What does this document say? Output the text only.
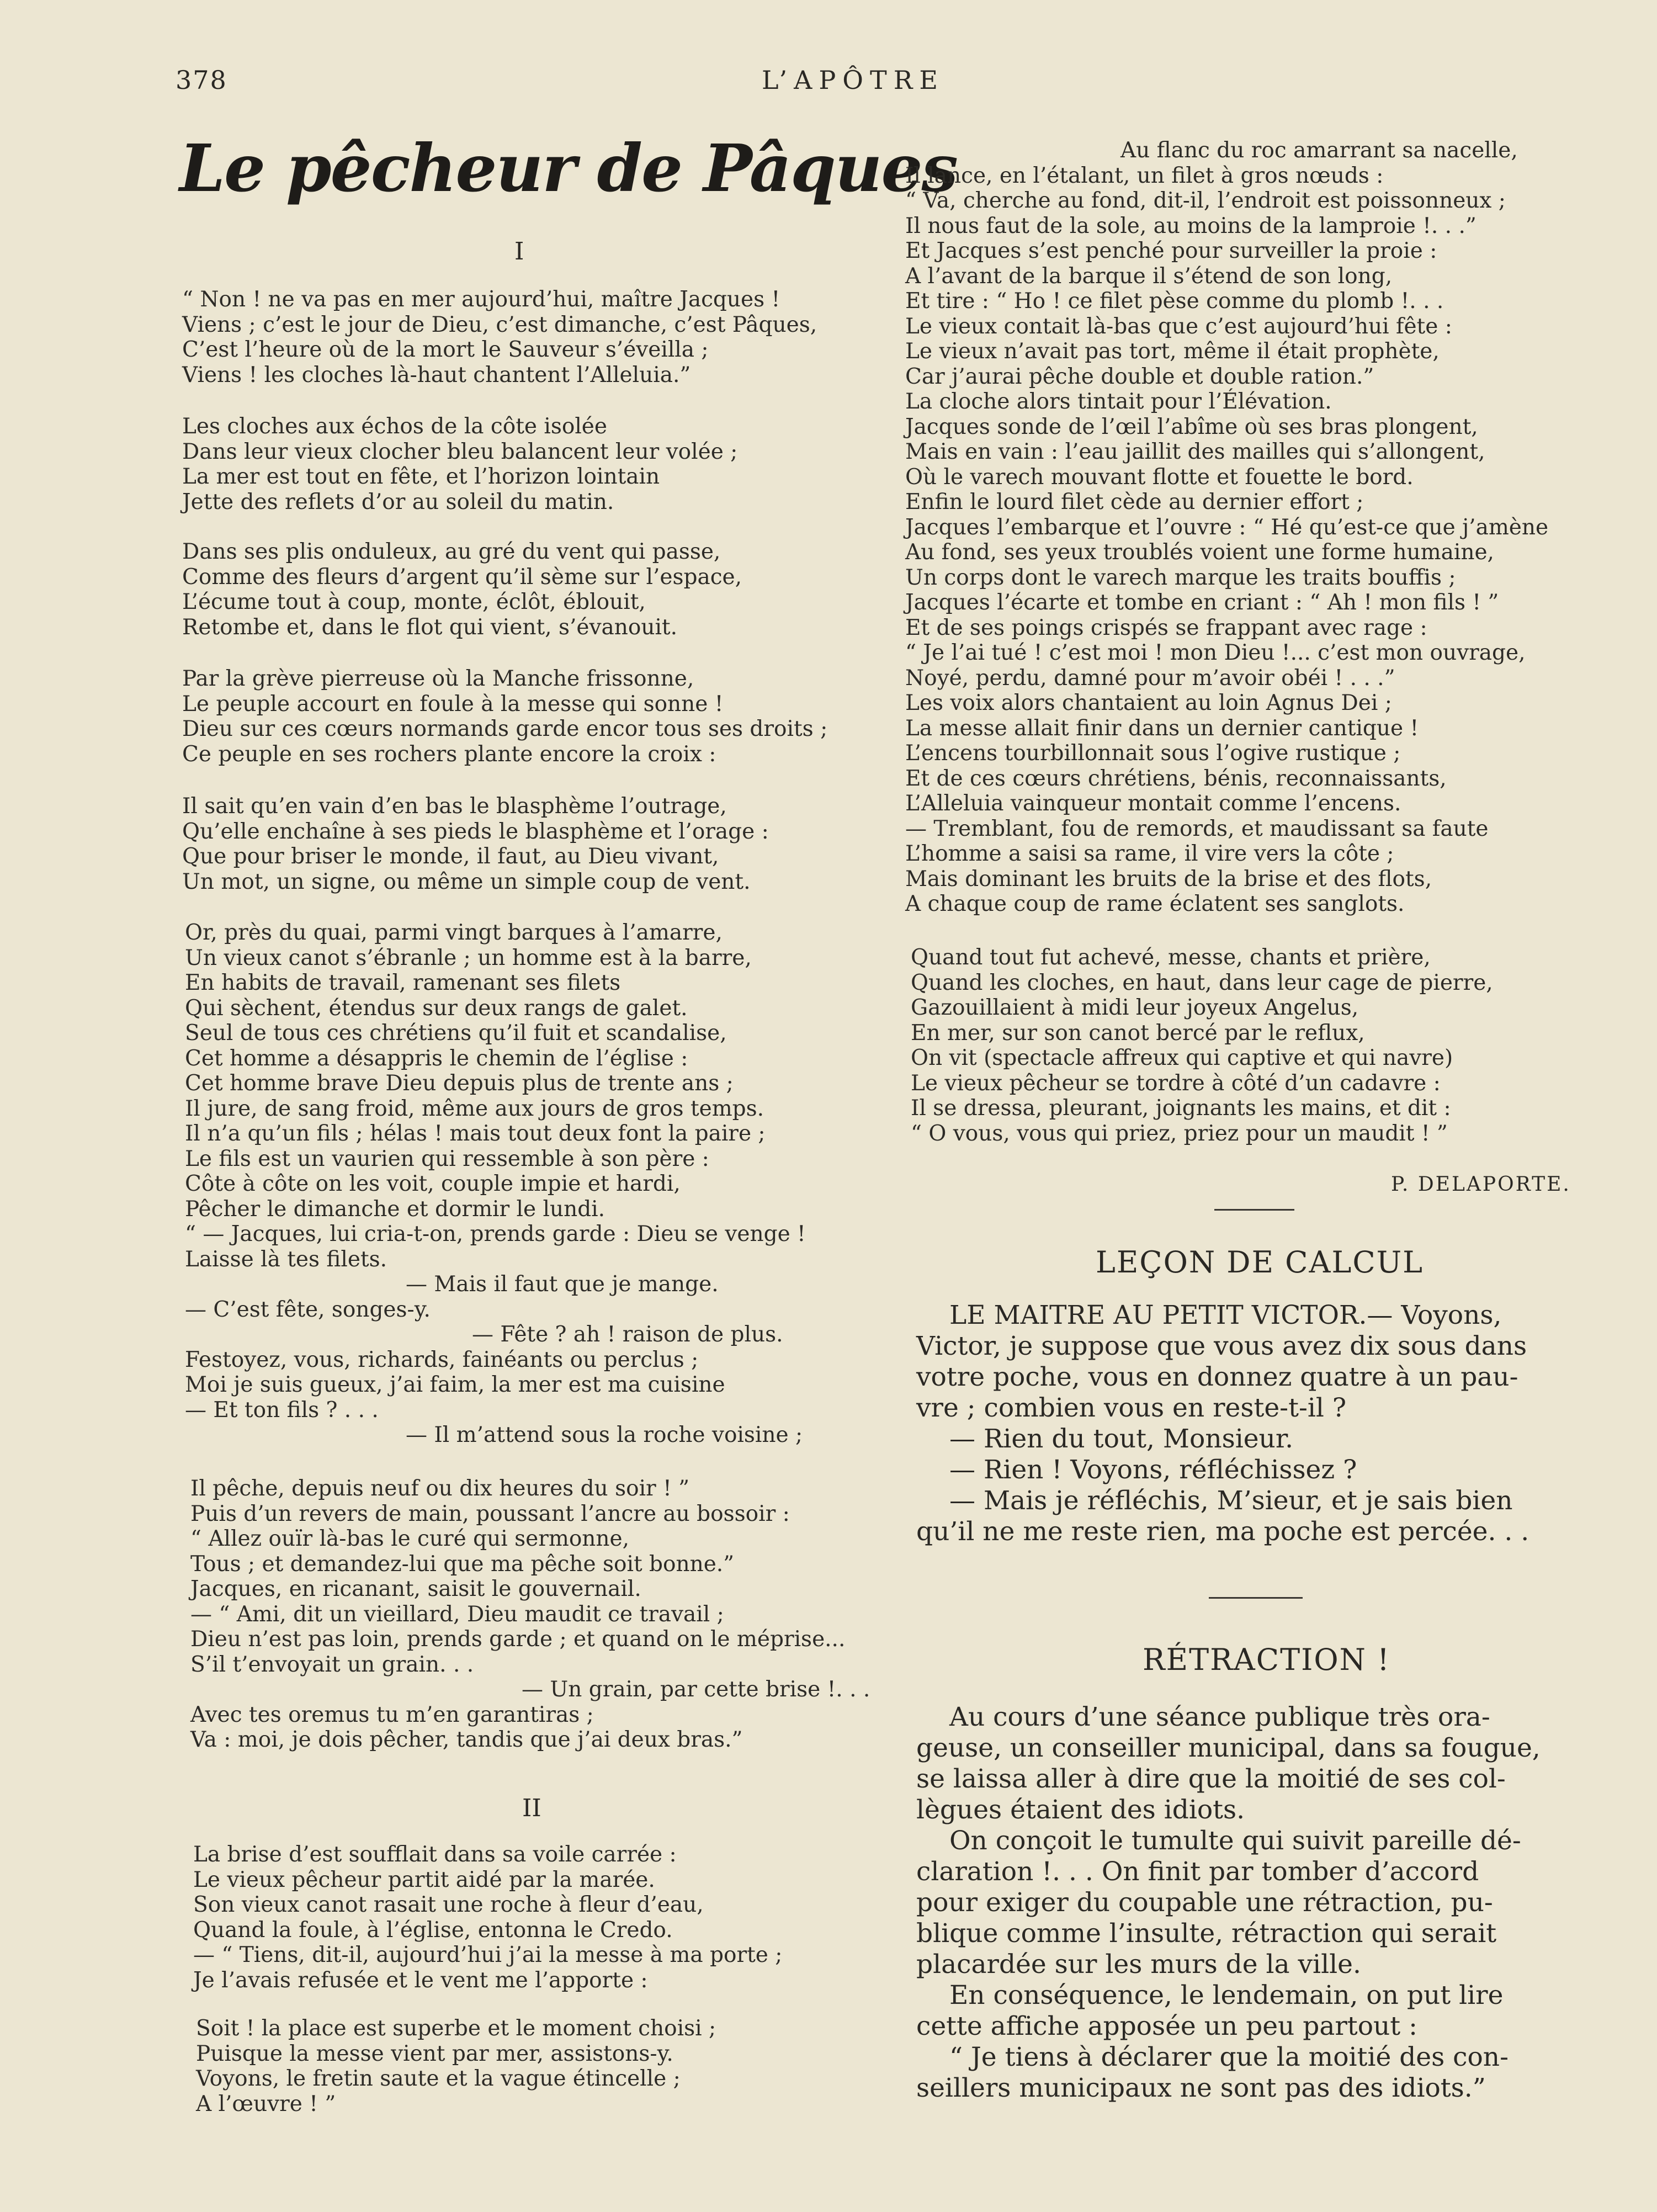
378	L’APÔTRE
Le pêcheur de Pâques
I
“ Non ! ne va pas en mer aujourd’hui, maître Jacques !
Viens ; c’est le jour de Dieu, c’est dimanche, c’est Pâques,
C’est l’heure où de la mort le Sauveur s’éveilla ;
Viens ! les cloches là-haut chantent l’Alleluia.”
Les cloches aux échos de la côte isolée
Dans leur vieux clocher bleu balancent leur volée ;
La mer est tout en fête, et l’horizon lointain
Jette des reflets d’or au soleil du matin.
Dans ses plis onduleux, au gré du vent qui passe,
Comme des fleurs d’argent qu’il sème sur l’espace,
L’écume tout à coup, monte, éclôt, éblouit,
Retombe et, dans le flot qui vient, s’évanouit.
Par la grève pierreuse où la Manche frissonne,
Le peuple accourt en foule à la messe qui sonne !
Dieu sur ces cœurs normands garde encor tous ses droits ;
Ce peuple en ses rochers plante encore la croix :
Il sait qu’en vain d’en bas le blasphème l’outrage,
Qu’elle enchaîne à ses pieds le blasphème et l’orage :
Que pour briser le monde, il faut, au Dieu vivant,
Un mot, un signe, ou même un simple coup de vent.
Or, près du quai, parmi vingt barques à l’amarre,
Un vieux canot s’ébranle ; un homme est à la barre,
En habits de travail, ramenant ses filets
Qui sèchent, étendus sur deux rangs de galet.
Seul de tous ces chrétiens qu’il fuit et scandalise,
Cet homme a désappris le chemin de l’église :
Cet homme brave Dieu depuis plus de trente ans ;
Il jure, de sang froid, même aux jours de gros temps.
Il n’a qu’un fils ; hélas ! mais tout deux font la paire ;
Le fils est un vaurien qui ressemble à son père :
Côte à côte on les voit, couple impie et hardi,
Pêcher le dimanche et dormir le lundi.
“ — Jacques, lui cria-t-on, prends garde : Dieu se venge !
Laisse là tes filets.
— Mais il faut que je mange.
— C’est fête, songes-y.
— Fête ? ah ! raison de plus.
Festoyez, vous, richards, fainéants ou perclus ;
Moi je suis gueux, j’ai faim, la mer est ma cuisine
— Et ton fils ? . . .
— Il m’attend sous la roche voisine ;
Il pêche, depuis neuf ou dix heures du soir ! ”
Puis d’un revers de main, poussant l’ancre au bossoir :
“ Allez ouïr là-bas le curé qui sermonne,
Tous ; et demandez-lui que ma pêche soit bonne.”
Jacques, en ricanant, saisit le gouvernail.
— “ Ami, dit un vieillard, Dieu maudit ce travail ;
Dieu n’est pas loin, prends garde ; et quand on le méprise...
S’il t’envoyait un grain. . .
— Un grain, par cette brise !. . .
Avec tes oremus tu m’en garantiras ;
Va : moi, je dois pêcher, tandis que j’ai deux bras.”
II
La brise d’est soufflait dans sa voile carrée :
Le vieux pêcheur partit aidé par la marée.
Son vieux canot rasait une roche à fleur d’eau,
Quand la foule, à l’église, entonna le Credo.
— “ Tiens, dit-il, aujourd’hui j’ai la messe à ma porte ;
Je l’avais refusée et le vent me l’apporte :
Soit ! la place est superbe et le moment choisi ;
Puisque la messe vient par mer, assistons-y.
Voyons, le fretin saute et la vague étincelle ;
A l’œuvre ! ”
Au flanc du roc amarrant sa nacelle,
Il lance, en l’étalant, un filet à gros nœuds :
“ Va, cherche au fond, dit-il, l’endroit est poissonneux ;
Il nous faut de la sole, au moins de la lamproie !. . .”
Et Jacques s’est penché pour surveiller la proie :
A l’avant de la barque il s’étend de son long,
Et tire : “ Ho ! ce filet pèse comme du plomb !. . .
Le vieux contait là-bas que c’est aujourd’hui fête :
Le vieux n’avait pas tort, même il était prophète,
Car j’aurai pêche double et double ration.”
La cloche alors tintait pour l’Élévation.
Jacques sonde de l’œil l’abîme où ses bras plongent,
Mais en vain : l’eau jaillit des mailles qui s’allongent,
Où le varech mouvant flotte et fouette le bord.
Enfin le lourd filet cède au dernier effort ;
Jacques l’embarque et l’ouvre : “ Hé qu’est-ce que j’amène
Au fond, ses yeux troublés voient une forme humaine,
Un corps dont le varech marque les traits bouffis ;
Jacques l’écarte et tombe en criant : “ Ah ! mon fils ! ”
Et de ses poings crispés se frappant avec rage :
“ Je l’ai tué ! c’est moi ! mon Dieu !... c’est mon ouvrage,
Noyé, perdu, damné pour m’avoir obéi ! . . .”
Les voix alors chantaient au loin Agnus Dei ;
La messe allait finir dans un dernier cantique !
L’encens tourbillonnait sous l’ogive rustique ;
Et de ces cœurs chrétiens, bénis, reconnaissants,
L’Alleluia vainqueur montait comme l’encens.
— Tremblant, fou de remords, et maudissant sa faute
L’homme a saisi sa rame, il vire vers la côte ;
Mais dominant les bruits de la brise et des flots,
A chaque coup de rame éclatent ses sanglots.
Quand tout fut achevé, messe, chants et prière,
Quand les cloches, en haut, dans leur cage de pierre,
Gazouillaient à midi leur joyeux Angelus,
En mer, sur son canot bercé par le reflux,
On vit (spectacle affreux qui captive et qui navre)
Le vieux pêcheur se tordre à côté d’un cadavre :
Il se dressa, pleurant, joignants les mains, et dit :
“ O vous, vous qui priez, priez pour un maudit ! ”
P. DELAPORTE.
LEÇON DE CALCUL
LE MAITRE AU PETIT VICTOR.— Voyons,
Victor, je suppose que vous avez dix sous dans
votre poche, vous en donnez quatre à un pau-
vre ; combien vous en reste-t-il ?
— Rien du tout, Monsieur.
— Rien ! Voyons, réfléchissez ?
— Mais je réfléchis, M’sieur, et je sais bien
qu’il ne me reste rien, ma poche est percée. . .
RÉTRACTION !
Au cours d’une séance publique très ora-
geuse, un conseiller municipal, dans sa fougue,
se laissa aller à dire que la moitié de ses col-
lègues étaient des idiots.
On conçoit le tumulte qui suivit pareille dé-
claration !. . . On finit par tomber d’accord
pour exiger du coupable une rétraction, pu-
blique comme l’insulte, rétraction qui serait
placardée sur les murs de la ville.
En conséquence, le lendemain, on put lire
cette affiche apposée un peu partout :
“ Je tiens à déclarer que la moitié des con-
seillers municipaux ne sont pas des idiots.”
